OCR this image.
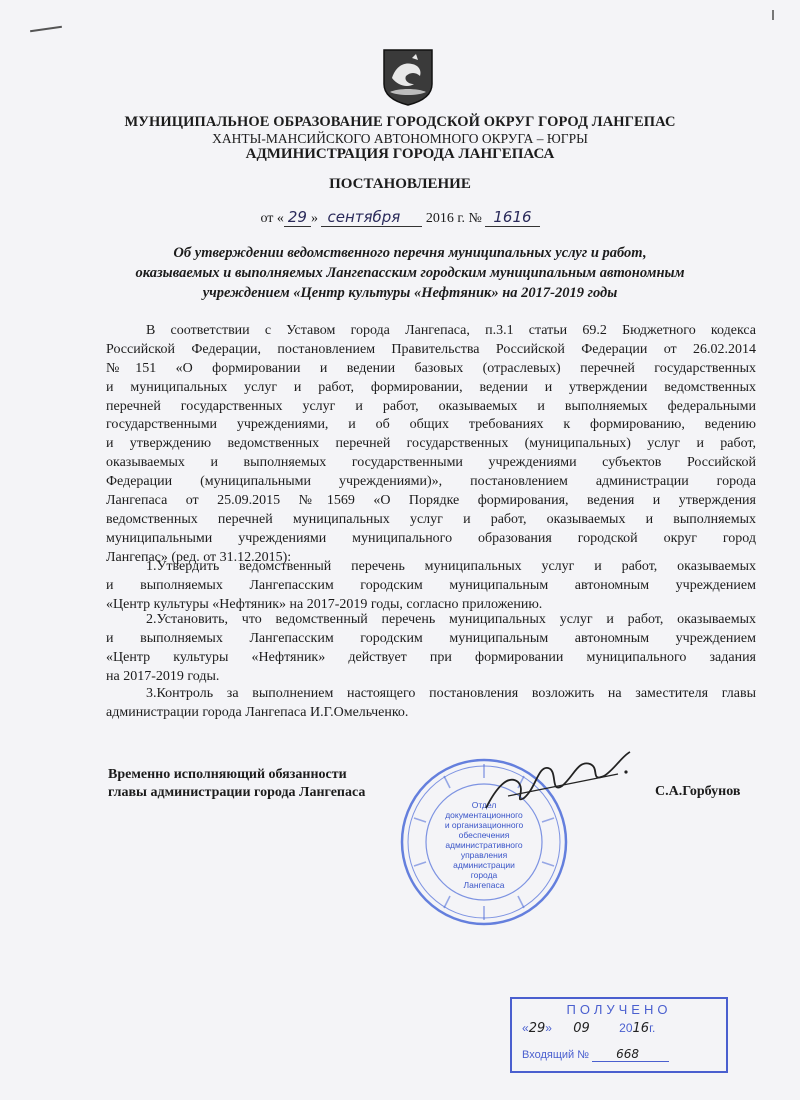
МУНИЦИПАЛЬНОЕ ОБРАЗОВАНИЕ ГОРОДСКОЙ ОКРУГ ГОРОД ЛАНГЕПАС
ХАНТЫ-МАНСИЙСКОГО АВТОНОМНОГО ОКРУГА – ЮГРЫ
АДМИНИСТРАЦИЯ ГОРОДА ЛАНГЕПАСА
ПОСТАНОВЛЕНИЕ
от « 29 » сентября 2016 г. № 1616
Об утверждении ведомственного перечня муниципальных услуг и работ,
оказываемых и выполняемых Лангепасским городским муниципальным автономным
учреждением «Центр культуры «Нефтяник» на 2017-2019 годы
В соответствии с Уставом города Лангепаса, п.3.1 статьи 69.2 Бюджетного кодекса
Российской Федерации, постановлением Правительства Российской Федерации от 26.02.2014
№151 «О формировании и ведении базовых (отраслевых) перечней государственных
и муниципальных услуг и работ, формировании, ведении и утверждении ведомственных
перечней государственных услуг и работ, оказываемых и выполняемых федеральными
государственными учреждениями, и об общих требованиях к формированию, ведению
и утверждению ведомственных перечней государственных (муниципальных) услуг и работ,
оказываемых и выполняемых государственными учреждениями субъектов Российской
Федерации (муниципальными учреждениями)», постановлением администрации города
Лангепаса от 25.09.2015 №1569 «О Порядке формирования, ведения и утверждения
ведомственных перечней муниципальных услуг и работ, оказываемых и выполняемых
муниципальными учреждениями муниципального образования городской округ город
Лангепас» (ред. от 31.12.2015):
1.Утвердить ведомственный перечень муниципальных услуг и работ, оказываемых
и выполняемых Лангепасским городским муниципальным автономным учреждением
«Центр культуры «Нефтяник» на 2017-2019 годы, согласно приложению.
2.Установить, что ведомственный перечень муниципальных услуг и работ, оказываемых
и выполняемых Лангепасским городским муниципальным автономным учреждением
«Центр культуры «Нефтяник» действует при формировании муниципального задания
на 2017-2019 годы.
3.Контроль за выполнением настоящего постановления возложить на заместителя главы
администрации города Лангепаса И.Г.Омельченко.
Временно исполняющий обязанности
главы администрации города Лангепаса	С.А.Горбунов
Отдел
документационного
и организационного
обеспечения
административного
управления
администрации
города
Лангепаса
ПОЛУЧЕНО
«29» 09 2016г.
Входящий № 668
